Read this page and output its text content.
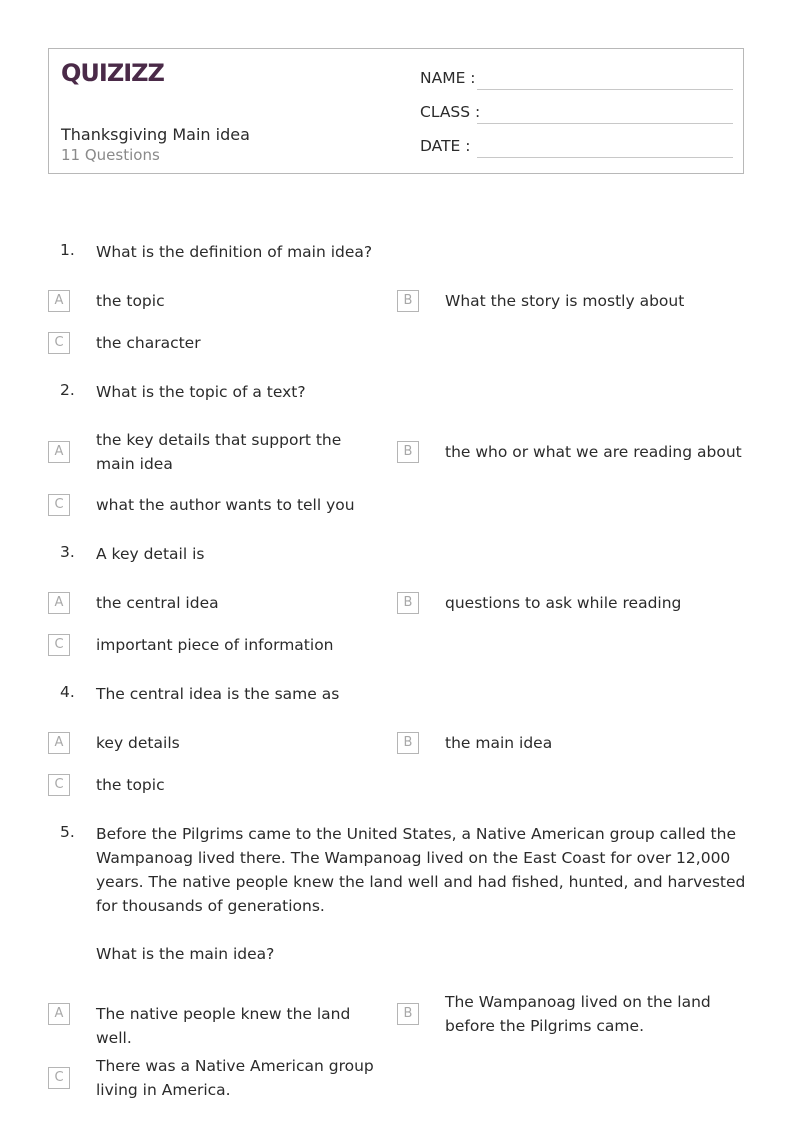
QUIZIZZ
Thanksgiving Main idea
11 Questions
NAME :
CLASS :
DATE :
1. What is the definition of main idea?
A	the topic	B	What the story is mostly about
C	the character
2. What is the topic of a text?
A
the key details that support the main idea
B	the who or what we are reading about
C	what the author wants to tell you
3. A key detail is
A	the central idea	B	questions to ask while reading
C	important piece of information
4. The central idea is the same as
A	key details	B	the main idea
C	the topic
5. Before the Pilgrims came to the United States, a Native American group called the Wampanoag lived there. The Wampanoag lived on the East Coast for over 12,000 years. The native people knew the land well and had fished, hunted, and harvested for thousands of generations.

What is the main idea?

A	The native people knew the land well.
B
The Wampanoag lived on the land before the Pilgrims came.
C
There was a Native American group living in America.
